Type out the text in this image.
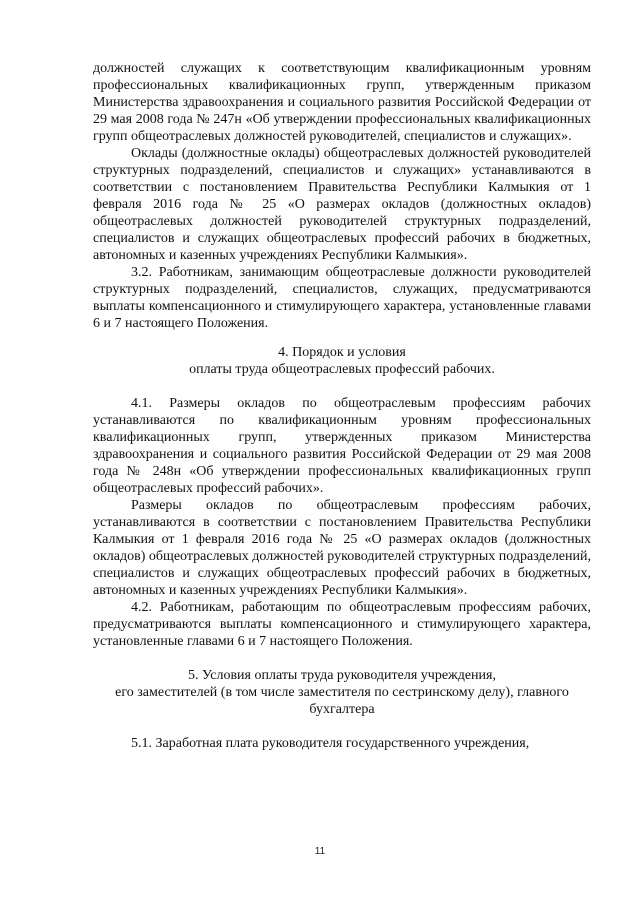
должностей служащих к соответствующим квалификационным уровням профессиональных квалификационных групп, утвержденным приказом Министерства здравоохранения и социального развития Российской Федерации от 29 мая 2008 года № 247н «Об утверждении профессиональных квалификационных групп общеотраслевых должностей руководителей, специалистов и служащих».

Оклады (должностные оклады) общеотраслевых должностей руководителей структурных подразделений, специалистов и служащих» устанавливаются в соответствии с постановлением Правительства Республики Калмыкия от 1 февраля 2016 года № 25 «О размерах окладов (должностных окладов) общеотраслевых должностей руководителей структурных подразделений, специалистов и служащих общеотраслевых профессий рабочих в бюджетных, автономных и казенных учреждениях Республики Калмыкия».

3.2. Работникам, занимающим общеотраслевые должности руководителей структурных подразделений, специалистов, служащих, предусматриваются выплаты компенсационного и стимулирующего характера, установленные главами 6 и 7 настоящего Положения.

4. Порядок и условия

оплаты труда общеотраслевых профессий рабочих.

4.1. Размеры окладов по общеотраслевым профессиям рабочих устанавливаются по квалификационным уровням профессиональных квалификационных групп, утвержденных приказом Министерства здравоохранения и социального развития Российской Федерации от 29 мая 2008 года № 248н «Об утверждении профессиональных квалификационных групп общеотраслевых профессий рабочих».

Размеры окладов по общеотраслевым профессиям рабочих, устанавливаются в соответствии с постановлением Правительства Республики Калмыкия от 1 февраля 2016 года № 25 «О размерах окладов (должностных окладов) общеотраслевых должностей руководителей структурных подразделений, специалистов и служащих общеотраслевых профессий рабочих в бюджетных, автономных и казенных учреждениях Республики Калмыкия».

4.2. Работникам, работающим по общеотраслевым профессиям рабочих, предусматриваются выплаты компенсационного и стимулирующего характера, установленные главами 6 и 7 настоящего Положения.

5. Условия оплаты труда руководителя учреждения,

его заместителей (в том числе заместителя по сестринскому делу), главного

бухгалтера

5.1. Заработная плата руководителя государственного учреждения,

11
